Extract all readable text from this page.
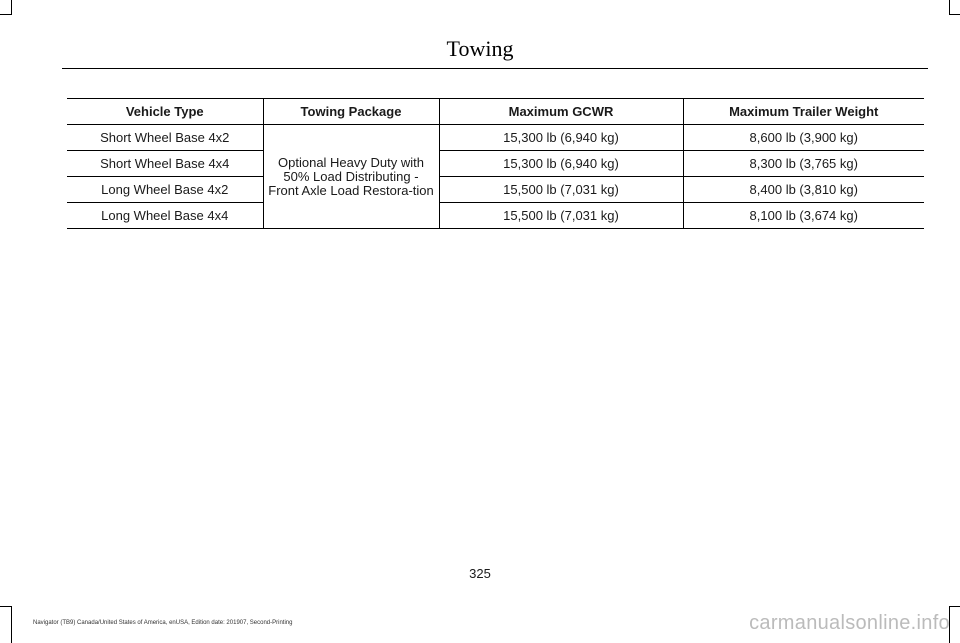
Towing
Vehicle Type	Towing Package	Maximum GCWR	Maximum Trailer Weight
Short Wheel Base 4x2	Optional Heavy Duty with 50% Load Distributing - Front Axle Load Restora-tion	15,300 lb (6,940 kg)	8,600 lb (3,900 kg)
Short Wheel Base 4x4		15,300 lb (6,940 kg)	8,300 lb (3,765 kg)
Long Wheel Base 4x2		15,500 lb (7,031 kg)	8,400 lb (3,810 kg)
Long Wheel Base 4x4		15,500 lb (7,031 kg)	8,100 lb (3,674 kg)
325
Navigator (TB9) Canada/United States of America, enUSA, Edition date: 201907, Second-Printing	carmanualsonline.info
